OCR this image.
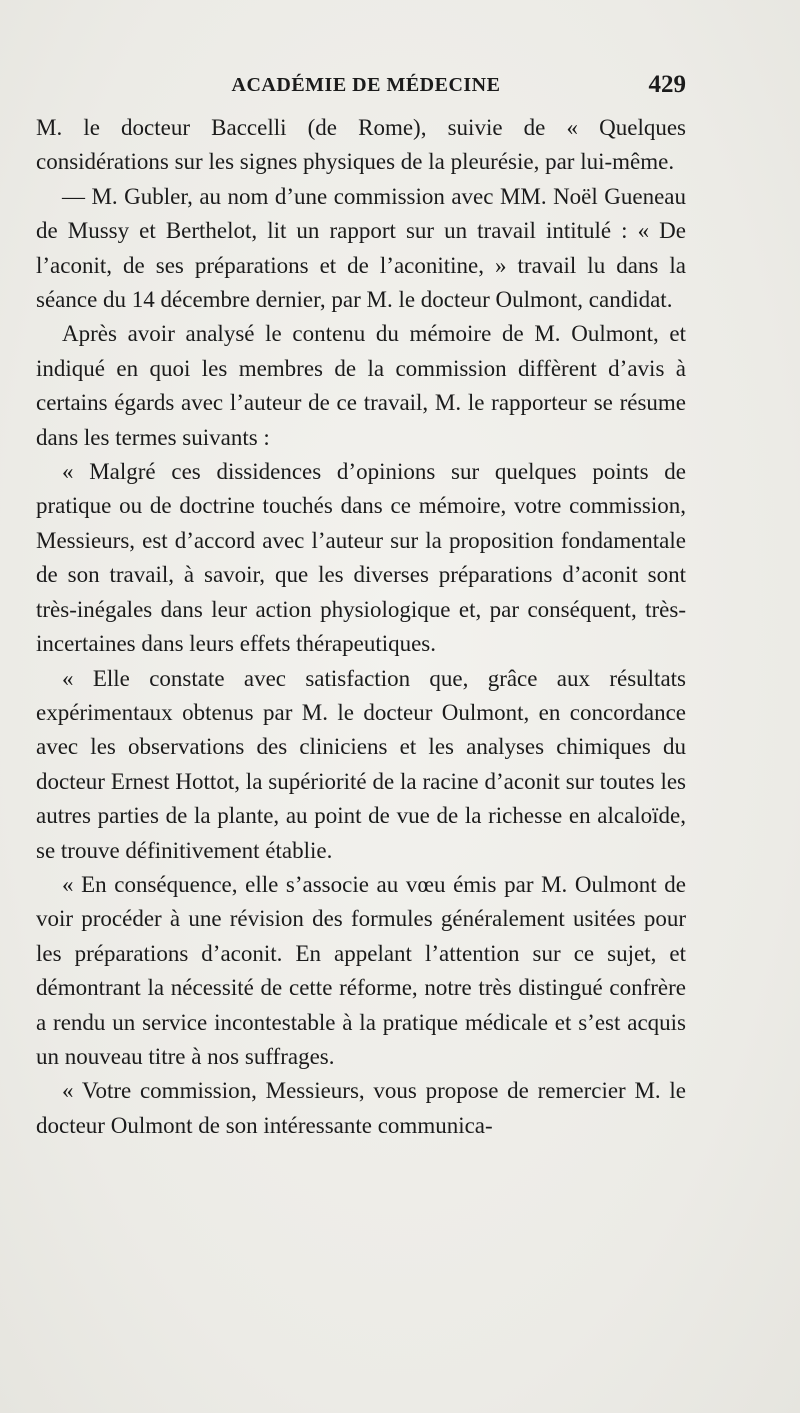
ACADÉMIE DE MÉDECINE	429

M. le docteur Baccelli (de Rome), suivie de « Quelques considérations sur les signes physiques de la pleurésie, par lui-même.

— M. Gubler, au nom d’une commission avec MM. Noël Gueneau de Mussy et Berthelot, lit un rapport sur un travail intitulé : « De l’aconit, de ses préparations et de l’aconitine, » travail lu dans la séance du 14 décembre dernier, par M. le docteur Oulmont, candidat.

Après avoir analysé le contenu du mémoire de M. Oulmont, et indiqué en quoi les membres de la commission diffèrent d’avis à certains égards avec l’auteur de ce travail, M. le rapporteur se résume dans les termes suivants :

« Malgré ces dissidences d’opinions sur quelques points de pratique ou de doctrine touchés dans ce mémoire, votre commission, Messieurs, est d’accord avec l’auteur sur la proposition fondamentale de son travail, à savoir, que les diverses préparations d’aconit sont très-inégales dans leur action physiologique et, par conséquent, très-incertaines dans leurs effets thérapeutiques.

« Elle constate avec satisfaction que, grâce aux résultats expérimentaux obtenus par M. le docteur Oulmont, en concordance avec les observations des cliniciens et les analyses chimiques du docteur Ernest Hottot, la supériorité de la racine d’aconit sur toutes les autres parties de la plante, au point de vue de la richesse en alcaloïde, se trouve définitivement établie.

« En conséquence, elle s’associe au vœu émis par M. Oulmont de voir procéder à une révision des formules généralement usitées pour les préparations d’aconit. En appelant l’attention sur ce sujet, et démontrant la nécessité de cette réforme, notre très distingué confrère a rendu un service incontestable à la pratique médicale et s’est acquis un nouveau titre à nos suffrages.

« Votre commission, Messieurs, vous propose de remercier M. le docteur Oulmont de son intéressante communica-
